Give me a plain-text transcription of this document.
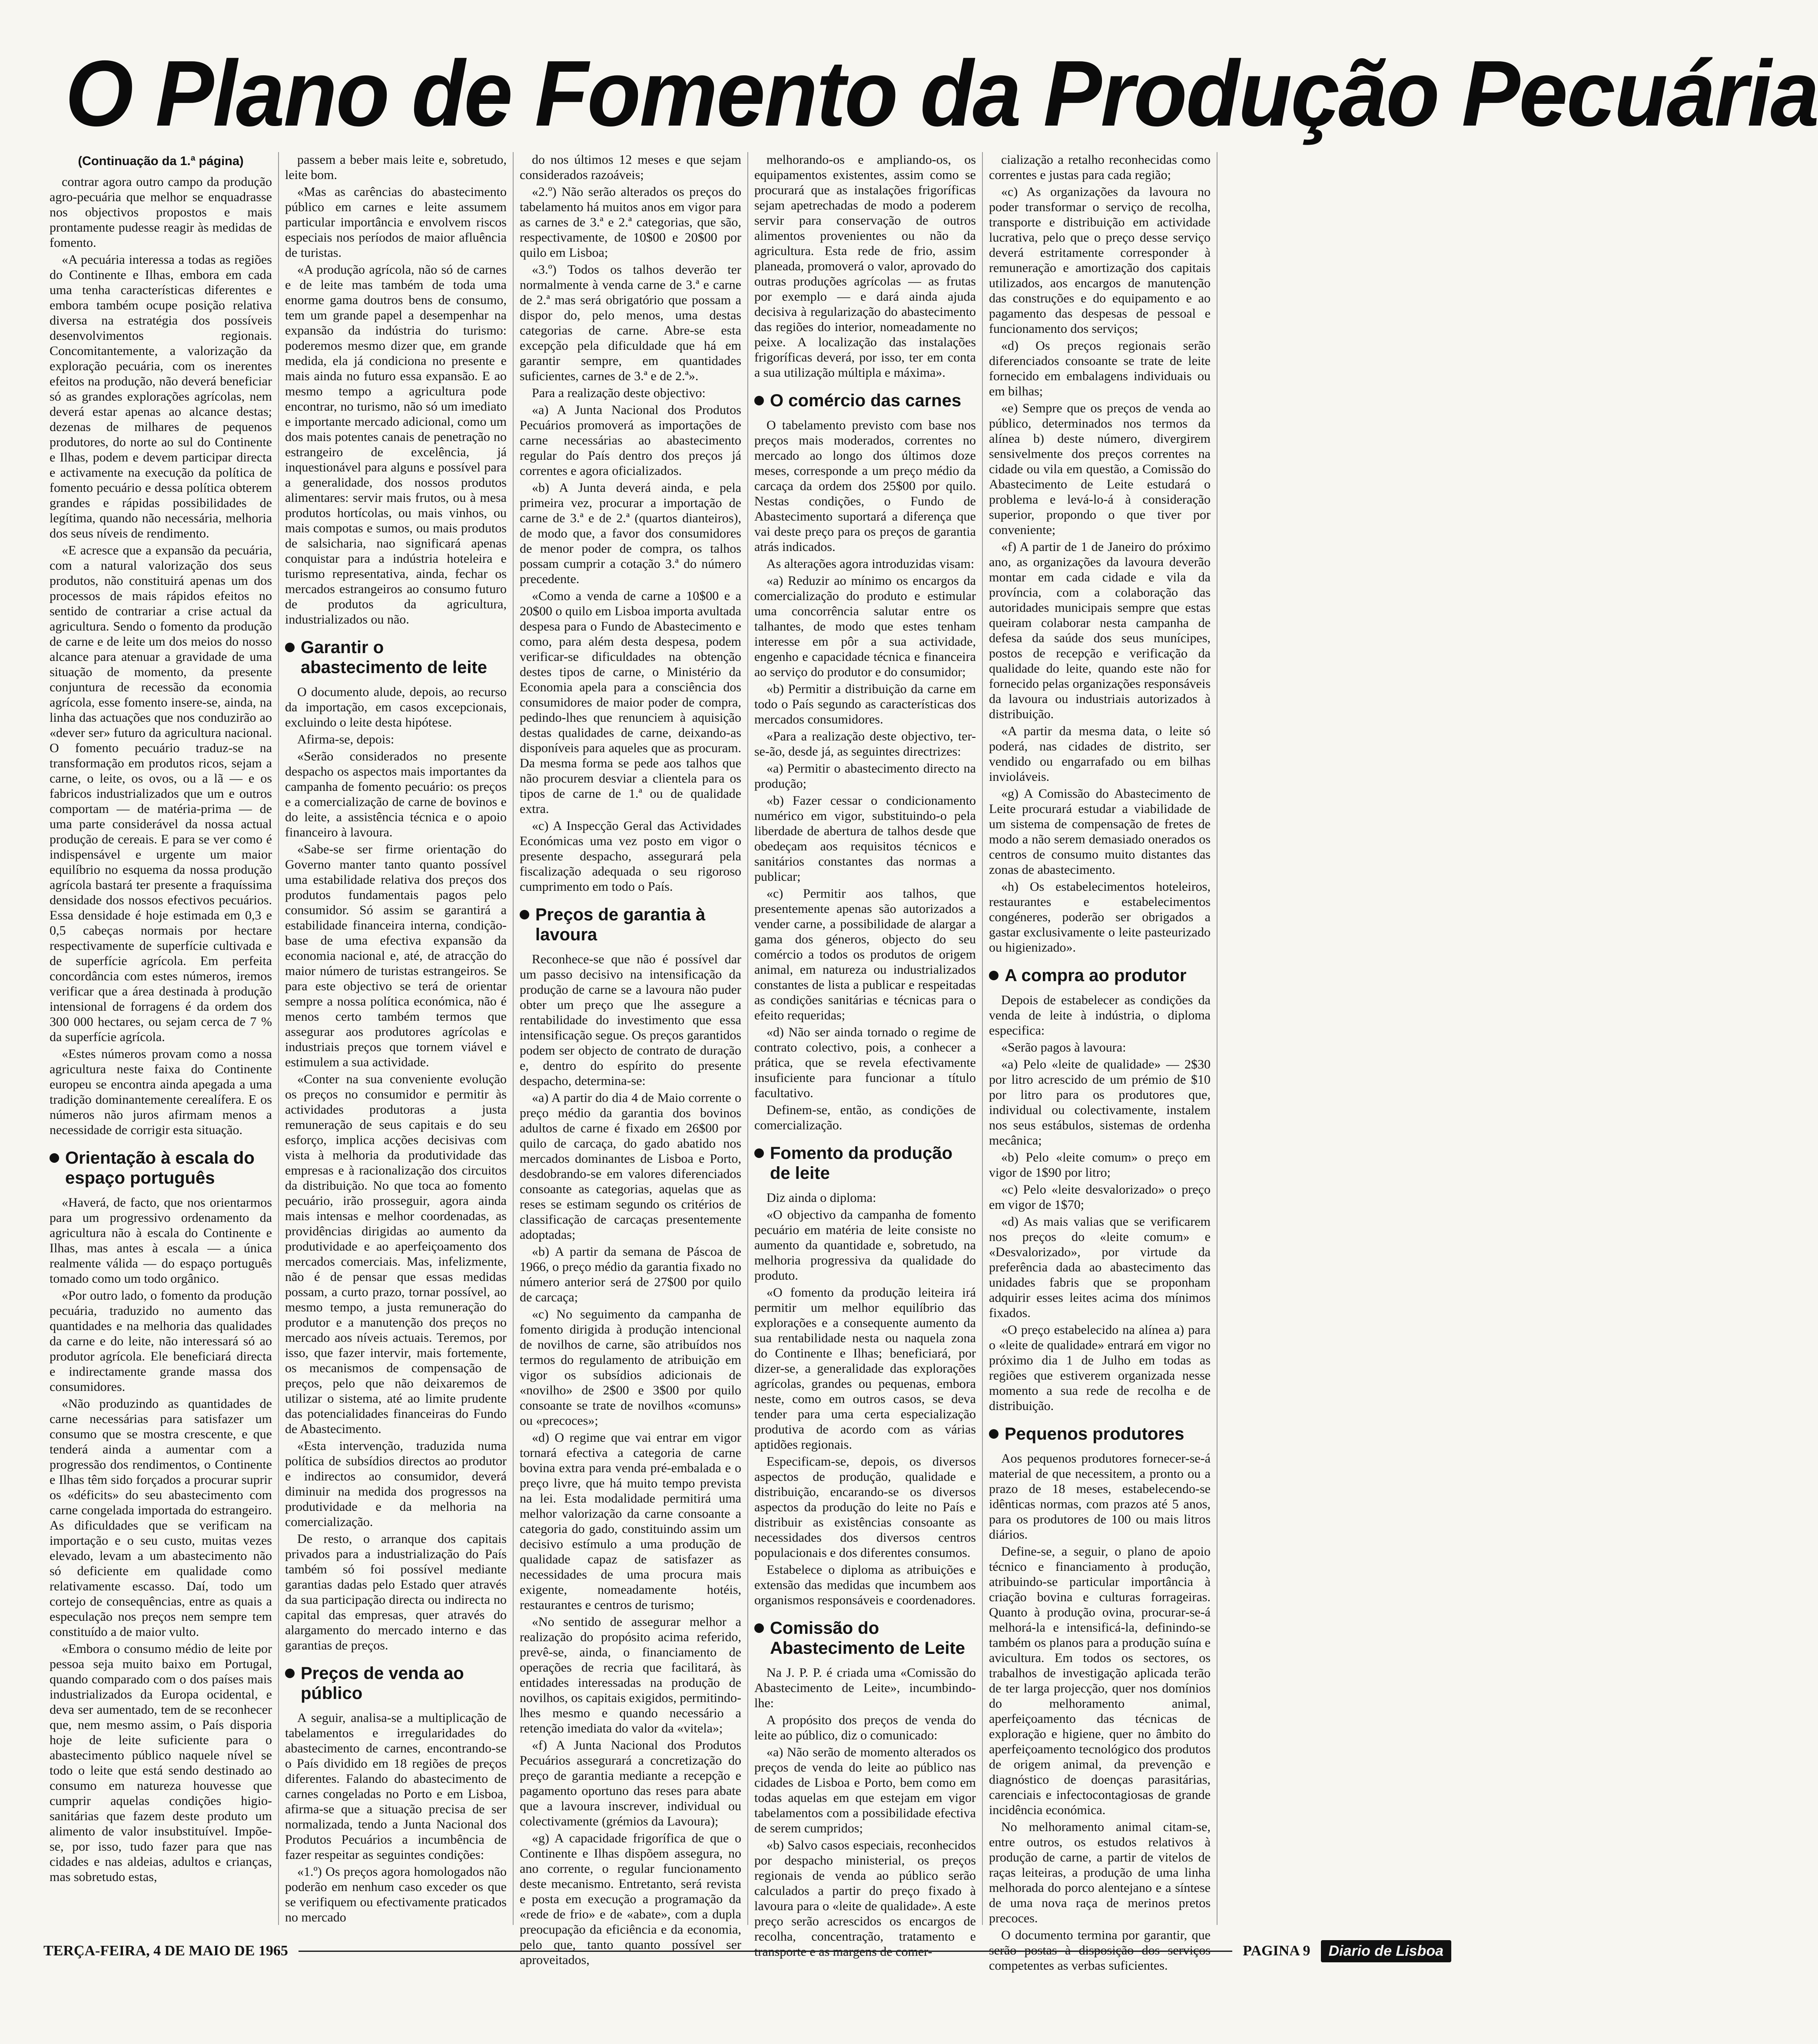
O Plano de Fomento da Produção Pecuária
(Continuação da 1.ª página)

contrar agora outro campo da produção agro-pecuária que melhor se enquadrasse nos objectivos propostos e mais prontamente pudesse reagir às medidas de fomento.

«A pecuária interessa a todas as regiões do Continente e Ilhas, embora em cada uma tenha características diferentes e embora também ocupe posição relativa diversa na estratégia dos possíveis desenvolvimentos regionais. Concomitantemente, a valorização da exploração pecuária, com os inerentes efeitos na produção, não deverá beneficiar só as grandes explorações agrícolas, nem deverá estar apenas ao alcance destas; dezenas de milhares de pequenos produtores, do norte ao sul do Continente e Ilhas, podem e devem participar directa e activamente na execução da política de fomento pecuário e dessa política obterem grandes e rápidas possibilidades de legítima, quando não necessária, melhoria dos seus níveis de rendimento.

«E acresce que a expansão da pecuária, com a natural valorização dos seus produtos, não constituirá apenas um dos processos de mais rápidos efeitos no sentido de contrariar a crise actual da agricultura. Sendo o fomento da produção de carne e de leite um dos meios do nosso alcance para atenuar a gravidade de uma situação de momento, da presente conjuntura de recessão da economia agrícola, esse fomento insere-se, ainda, na linha das actuações que nos conduzirão ao «dever ser» futuro da agricultura nacional. O fomento pecuário traduz-se na transformação em produtos ricos, sejam a carne, o leite, os ovos, ou a lã — e os fabricos industrializados que um e outros comportam — de matéria-prima — de uma parte considerável da nossa actual produção de cereais. E para se ver como é indispensável e urgente um maior equilíbrio no esquema da nossa produção agrícola bastará ter presente a fraquíssima densidade dos nossos efectivos pecuários. Essa densidade é hoje estimada em 0,3 e 0,5 cabeças normais por hectare respectivamente de superfície cultivada e de superfície agrícola. Em perfeita concordância com estes números, iremos verificar que a área destinada à produção intensional de forragens é da ordem dos 300 000 hectares, ou sejam cerca de 7 % da superfície agrícola.

«Estes números provam como a nossa agricultura neste faixa do Continente europeu se encontra ainda apegada a uma tradição dominantemente cerealífera. E os números não juros afirmam menos a necessidade de corrigir esta situação.

Orientação à escala do espaço português

«Haverá, de facto, que nos orientarmos para um progressivo ordenamento da agricultura não à escala do Continente e Ilhas, mas antes à escala — a única realmente válida — do espaço português tomado como um todo orgânico.

«Por outro lado, o fomento da produção pecuária, traduzido no aumento das quantidades e na melhoria das qualidades da carne e do leite, não interessará só ao produtor agrícola. Ele beneficiará directa e indirectamente grande massa dos consumidores.

«Não produzindo as quantidades de carne necessárias para satisfazer um consumo que se mostra crescente, e que tenderá ainda a aumentar com a progressão dos rendimentos, o Continente e Ilhas têm sido forçados a procurar suprir os «déficits» do seu abastecimento com carne congelada importada do estrangeiro. As dificuldades que se verificam na importação e o seu custo, muitas vezes elevado, levam a um abastecimento não só deficiente em qualidade como relativamente escasso. Daí, todo um cortejo de consequências, entre as quais a especulação nos preços nem sempre tem constituído a de maior vulto.

«Embora o consumo médio de leite por pessoa seja muito baixo em Portugal, quando comparado com o dos países mais industrializados da Europa ocidental, e deva ser aumentado, tem de se reconhecer que, nem mesmo assim, o País disporia hoje de leite suficiente para o abastecimento público naquele nível se todo o leite que está sendo destinado ao consumo em natureza houvesse que cumprir aquelas condições higio-sanitárias que fazem deste produto um alimento de valor insubstituível. Impõe-se, por isso, tudo fazer para que nas cidades e nas aldeias, adultos e crianças, mas sobretudo estas,

passem a beber mais leite e, sobretudo, leite bom.

«Mas as carências do abastecimento público em carnes e leite assumem particular importância e envolvem riscos especiais nos períodos de maior afluência de turistas.

«A produção agrícola, não só de carnes e de leite mas também de toda uma enorme gama doutros bens de consumo, tem um grande papel a desempenhar na expansão da indústria do turismo: poderemos mesmo dizer que, em grande medida, ela já condiciona no presente e mais ainda no futuro essa expansão. E ao mesmo tempo a agricultura pode encontrar, no turismo, não só um imediato e importante mercado adicional, como um dos mais potentes canais de penetração no estrangeiro de excelência, já inquestionável para alguns e possível para a generalidade, dos nossos produtos alimentares: servir mais frutos, ou à mesa produtos hortícolas, ou mais vinhos, ou mais compotas e sumos, ou mais produtos de salsicharia, nao significará apenas conquistar para a indústria hoteleira e turismo representativa, ainda, fechar os mercados estrangeiros ao consumo futuro de produtos da agricultura, industrializados ou não.

Garantir o abastecimento de leite

O documento alude, depois, ao recurso da importação, em casos excepcionais, excluindo o leite desta hipótese.

Afirma-se, depois:

«Serão considerados no presente despacho os aspectos mais importantes da campanha de fomento pecuário: os preços e a comercialização de carne de bovinos e do leite, a assistência técnica e o apoio financeiro à lavoura.

«Sabe-se ser firme orientação do Governo manter tanto quanto possível uma estabilidade relativa dos preços dos produtos fundamentais pagos pelo consumidor. Só assim se garantirá a estabilidade financeira interna, condição-base de uma efectiva expansão da economia nacional e, até, de atracção do maior número de turistas estrangeiros. Se para este objectivo se terá de orientar sempre a nossa política económica, não é menos certo também termos que assegurar aos produtores agrícolas e industriais preços que tornem viável e estimulem a sua actividade.

«Conter na sua conveniente evolução os preços no consumidor e permitir às actividades produtoras a justa remuneração de seus capitais e do seu esforço, implica acções decisivas com vista à melhoria da produtividade das empresas e à racionalização dos circuitos da distribuição. No que toca ao fomento pecuário, irão prosseguir, agora ainda mais intensas e melhor coordenadas, as providências dirigidas ao aumento da produtividade e ao aperfeiçoamento dos mercados comerciais. Mas, infelizmente, não é de pensar que essas medidas possam, a curto prazo, tornar possível, ao mesmo tempo, a justa remuneração do produtor e a manutenção dos preços no mercado aos níveis actuais. Teremos, por isso, que fazer intervir, mais fortemente, os mecanismos de compensação de preços, pelo que não deixaremos de utilizar o sistema, até ao limite prudente das potencialidades financeiras do Fundo de Abastecimento.

«Esta intervenção, traduzida numa política de subsídios directos ao produtor e indirectos ao consumidor, deverá diminuir na medida dos progressos na produtividade e da melhoria na comercialização.

De resto, o arranque dos capitais privados para a industrialização do País também só foi possível mediante garantias dadas pelo Estado quer através da sua participação directa ou indirecta no capital das empresas, quer através do alargamento do mercado interno e das garantias de preços.

Preços de venda ao público

A seguir, analisa-se a multiplicação de tabelamentos e irregularidades do abastecimento de carnes, encontrando-se o País dividido em 18 regiões de preços diferentes. Falando do abastecimento de carnes congeladas no Porto e em Lisboa, afirma-se que a situação precisa de ser normalizada, tendo a Junta Nacional dos Produtos Pecuários a incumbência de fazer respeitar as seguintes condições:

«1.º) Os preços agora homologados não poderão em nenhum caso exceder os que se verifiquem ou efectivamente praticados no mercado

do nos últimos 12 meses e que sejam considerados razoáveis;

«2.º) Não serão alterados os preços do tabelamento há muitos anos em vigor para as carnes de 3.ª e 2.ª categorias, que são, respectivamente, de 10$00 e 20$00 por quilo em Lisboa;

«3.º) Todos os talhos deverão ter normalmente à venda carne de 3.ª e carne de 2.ª mas será obrigatório que possam a dispor do, pelo menos, uma destas categorias de carne. Abre-se esta excepção pela dificuldade que há em garantir sempre, em quantidades suficientes, carnes de 3.ª e de 2.ª».

Para a realização deste objectivo:

«a) A Junta Nacional dos Produtos Pecuários promoverá as importações de carne necessárias ao abastecimento regular do País dentro dos preços já correntes e agora oficializados.

«b) A Junta deverá ainda, e pela primeira vez, procurar a importação de carne de 3.ª e de 2.ª (quartos dianteiros), de modo que, a favor dos consumidores de menor poder de compra, os talhos possam cumprir a cotação 3.ª do número precedente.

«Como a venda de carne a 10$00 e a 20$00 o quilo em Lisboa importa avultada despesa para o Fundo de Abastecimento e como, para além desta despesa, podem verificar-se dificuldades na obtenção destes tipos de carne, o Ministério da Economia apela para a consciência dos consumidores de maior poder de compra, pedindo-lhes que renunciem à aquisição destas qualidades de carne, deixando-as disponíveis para aqueles que as procuram. Da mesma forma se pede aos talhos que não procurem desviar a clientela para os tipos de carne de 1.ª ou de qualidade extra.

«c) A Inspecção Geral das Actividades Económicas uma vez posto em vigor o presente despacho, assegurará pela fiscalização adequada o seu rigoroso cumprimento em todo o País.

Preços de garantia à lavoura

Reconhece-se que não é possível dar um passo decisivo na intensificação da produção de carne se a lavoura não puder obter um preço que lhe assegure a rentabilidade do investimento que essa intensificação segue. Os preços garantidos podem ser objecto de contrato de duração e, dentro do espírito do presente despacho, determina-se:

«a) A partir do dia 4 de Maio corrente o preço médio da garantia dos bovinos adultos de carne é fixado em 26$00 por quilo de carcaça, do gado abatido nos mercados dominantes de Lisboa e Porto, desdobrando-se em valores diferenciados consoante as categorias, aquelas que as reses se estimam segundo os critérios de classificação de carcaças presentemente adoptadas;

«b) A partir da semana de Páscoa de 1966, o preço médio da garantia fixado no número anterior será de 27$00 por quilo de carcaça;

«c) No seguimento da campanha de fomento dirigida à produção intencional de novilhos de carne, são atribuídos nos termos do regulamento de atribuição em vigor os subsídios adicionais de «novilho» de 2$00 e 3$00 por quilo consoante se trate de novilhos «comuns» ou «precoces»;

«d) O regime que vai entrar em vigor tornará efectiva a categoria de carne bovina extra para venda pré-embalada e o preço livre, que há muito tempo prevista na lei. Esta modalidade permitirá uma melhor valorização da carne consoante a categoria do gado, constituindo assim um decisivo estímulo a uma produção de qualidade capaz de satisfazer as necessidades de uma procura mais exigente, nomeadamente hotéis, restaurantes e centros de turismo;

«No sentido de assegurar melhor a realização do propósito acima referido, prevê-se, ainda, o financiamento de operações de recria que facilitará, às entidades interessadas na produção de novilhos, os capitais exigidos, permitindo-lhes mesmo e quando necessário a retenção imediata do valor da «vitela»;

«f) A Junta Nacional dos Produtos Pecuários assegurará a concretização do preço de garantia mediante a recepção e pagamento oportuno das reses para abate que a lavoura inscrever, individual ou colectivamente (grémios da Lavoura);

«g) A capacidade frigorífica de que o Continente e Ilhas dispõem assegura, no ano corrente, o regular funcionamento deste mecanismo. Entretanto, será revista e posta em execução a programação da «rede de frio» e de «abate», com a dupla preocupação da eficiência e da economia, pelo que, tanto quanto possível ser aproveitados,

melhorando-os e ampliando-os, os equipamentos existentes, assim como se procurará que as instalações frigoríficas sejam apetrechadas de modo a poderem servir para conservação de outros alimentos provenientes ou não da agricultura. Esta rede de frio, assim planeada, promoverá o valor, aprovado do outras produções agrícolas — as frutas por exemplo — e dará ainda ajuda decisiva à regularização do abastecimento das regiões do interior, nomeadamente no peixe. A localização das instalações frigoríficas deverá, por isso, ter em conta a sua utilização múltipla e máxima».

O comércio das carnes

O tabelamento previsto com base nos preços mais moderados, correntes no mercado ao longo dos últimos doze meses, corresponde a um preço médio da carcaça da ordem dos 25$00 por quilo. Nestas condições, o Fundo de Abastecimento suportará a diferença que vai deste preço para os preços de garantia atrás indicados.

As alterações agora introduzidas visam:

«a) Reduzir ao mínimo os encargos da comercialização do produto e estimular uma concorrência salutar entre os talhantes, de modo que estes tenham interesse em pôr a sua actividade, engenho e capacidade técnica e financeira ao serviço do produtor e do consumidor;

«b) Permitir a distribuição da carne em todo o País segundo as características dos mercados consumidores.

«Para a realização deste objectivo, ter-se-ão, desde já, as seguintes directrizes:

«a) Permitir o abastecimento directo na produção;

«b) Fazer cessar o condicionamento numérico em vigor, substituindo-o pela liberdade de abertura de talhos desde que obedeçam aos requisitos técnicos e sanitários constantes das normas a publicar;

«c) Permitir aos talhos, que presentemente apenas são autorizados a vender carne, a possibilidade de alargar a gama dos géneros, objecto do seu comércio a todos os produtos de origem animal, em natureza ou industrializados constantes de lista a publicar e respeitadas as condições sanitárias e técnicas para o efeito requeridas;

«d) Não ser ainda tornado o regime de contrato colectivo, pois, a conhecer a prática, que se revela efectivamente insuficiente para funcionar a título facultativo.

Definem-se, então, as condições de comercialização.

Fomento da produção de leite

Diz ainda o diploma:

«O objectivo da campanha de fomento pecuário em matéria de leite consiste no aumento da quantidade e, sobretudo, na melhoria progressiva da qualidade do produto.

«O fomento da produção leiteira irá permitir um melhor equilíbrio das explorações e a consequente aumento da sua rentabilidade nesta ou naquela zona do Continente e Ilhas; beneficiará, por dizer-se, a generalidade das explorações agrícolas, grandes ou pequenas, embora neste, como em outros casos, se deva tender para uma certa especialização produtiva de acordo com as várias aptidões regionais.

Especificam-se, depois, os diversos aspectos de produção, qualidade e distribuição, encarando-se os diversos aspectos da produção do leite no País e distribuir as existências consoante as necessidades dos diversos centros populacionais e dos diferentes consumos.

Estabelece o diploma as atribuições e extensão das medidas que incumbem aos organismos responsáveis e coordenadores.

Comissão do Abastecimento de Leite

Na J. P. P. é criada uma «Comissão do Abastecimento de Leite», incumbindo-lhe:

A propósito dos preços de venda do leite ao público, diz o comunicado:

«a) Não serão de momento alterados os preços de venda do leite ao público nas cidades de Lisboa e Porto, bem como em todas aquelas em que estejam em vigor tabelamentos com a possibilidade efectiva de serem cumpridos;

«b) Salvo casos especiais, reconhecidos por despacho ministerial, os preços regionais de venda ao público serão calculados a partir do preço fixado à lavoura para o «leite de qualidade». A este preço serão acrescidos os encargos de recolha, concentração, tratamento e transporte e as margens de comer-

cialização a retalho reconhecidas como correntes e justas para cada região;

«c) As organizações da lavoura no poder transformar o serviço de recolha, transporte e distribuição em actividade lucrativa, pelo que o preço desse serviço deverá estritamente corresponder à remuneração e amortização dos capitais utilizados, aos encargos de manutenção das construções e do equipamento e ao pagamento das despesas de pessoal e funcionamento dos serviços;

«d) Os preços regionais serão diferenciados consoante se trate de leite fornecido em embalagens individuais ou em bilhas;

«e) Sempre que os preços de venda ao público, determinados nos termos da alínea b) deste número, divergirem sensivelmente dos preços correntes na cidade ou vila em questão, a Comissão do Abastecimento de Leite estudará o problema e levá-lo-á à consideração superior, propondo o que tiver por conveniente;

«f) A partir de 1 de Janeiro do próximo ano, as organizações da lavoura deverão montar em cada cidade e vila da província, com a colaboração das autoridades municipais sempre que estas queiram colaborar nesta campanha de defesa da saúde dos seus munícipes, postos de recepção e verificação da qualidade do leite, quando este não for fornecido pelas organizações responsáveis da lavoura ou industriais autorizados à distribuição.

«A partir da mesma data, o leite só poderá, nas cidades de distrito, ser vendido ou engarrafado ou em bilhas invioláveis.

«g) A Comissão do Abastecimento de Leite procurará estudar a viabilidade de um sistema de compensação de fretes de modo a não serem demasiado onerados os centros de consumo muito distantes das zonas de abastecimento.

«h) Os estabelecimentos hoteleiros, restaurantes e estabelecimentos congéneres, poderão ser obrigados a gastar exclusivamente o leite pasteurizado ou higienizado».

A compra ao produtor

Depois de estabelecer as condições da venda de leite à indústria, o diploma especifica:

«Serão pagos à lavoura:

«a) Pelo «leite de qualidade» — 2$30 por litro acrescido de um prémio de $10 por litro para os produtores que, individual ou colectivamente, instalem nos seus estábulos, sistemas de ordenha mecânica;

«b) Pelo «leite comum» o preço em vigor de 1$90 por litro;

«c) Pelo «leite desvalorizado» o preço em vigor de 1$70;

«d) As mais valias que se verificarem nos preços do «leite comum» e «Desvalorizado», por virtude da preferência dada ao abastecimento das unidades fabris que se proponham adquirir esses leites acima dos mínimos fixados.

«O preço estabelecido na alínea a) para o «leite de qualidade» entrará em vigor no próximo dia 1 de Julho em todas as regiões que estiverem organizada nesse momento a sua rede de recolha e de distribuição.

Pequenos produtores

Aos pequenos produtores fornecer-se-á material de que necessitem, a pronto ou a prazo de 18 meses, estabelecendo-se idênticas normas, com prazos até 5 anos, para os produtores de 100 ou mais litros diários.

Define-se, a seguir, o plano de apoio técnico e financiamento à produção, atribuindo-se particular importância à criação bovina e culturas forrageiras. Quanto à produção ovina, procurar-se-á melhorá-la e intensificá-la, definindo-se também os planos para a produção suína e avicultura. Em todos os sectores, os trabalhos de investigação aplicada terão de ter larga projecção, quer nos domínios do melhoramento animal, aperfeiçoamento das técnicas de exploração e higiene, quer no âmbito do aperfeiçoamento tecnológico dos produtos de origem animal, da prevenção e diagnóstico de doenças parasitárias, carenciais e infectocontagiosas de grande incidência económica.

No melhoramento animal citam-se, entre outros, os estudos relativos à produção de carne, a partir de vitelos de raças leiteiras, a produção de uma linha melhorada do porco alentejano e a síntese de uma nova raça de merinos pretos precoces.

O documento termina por garantir, que serão postas à disposição dos serviços competentes as verbas suficientes.

TERÇA-FEIRA, 4 DE MAIO DE 1965	PAGINA 9	Diario de Lisboa
